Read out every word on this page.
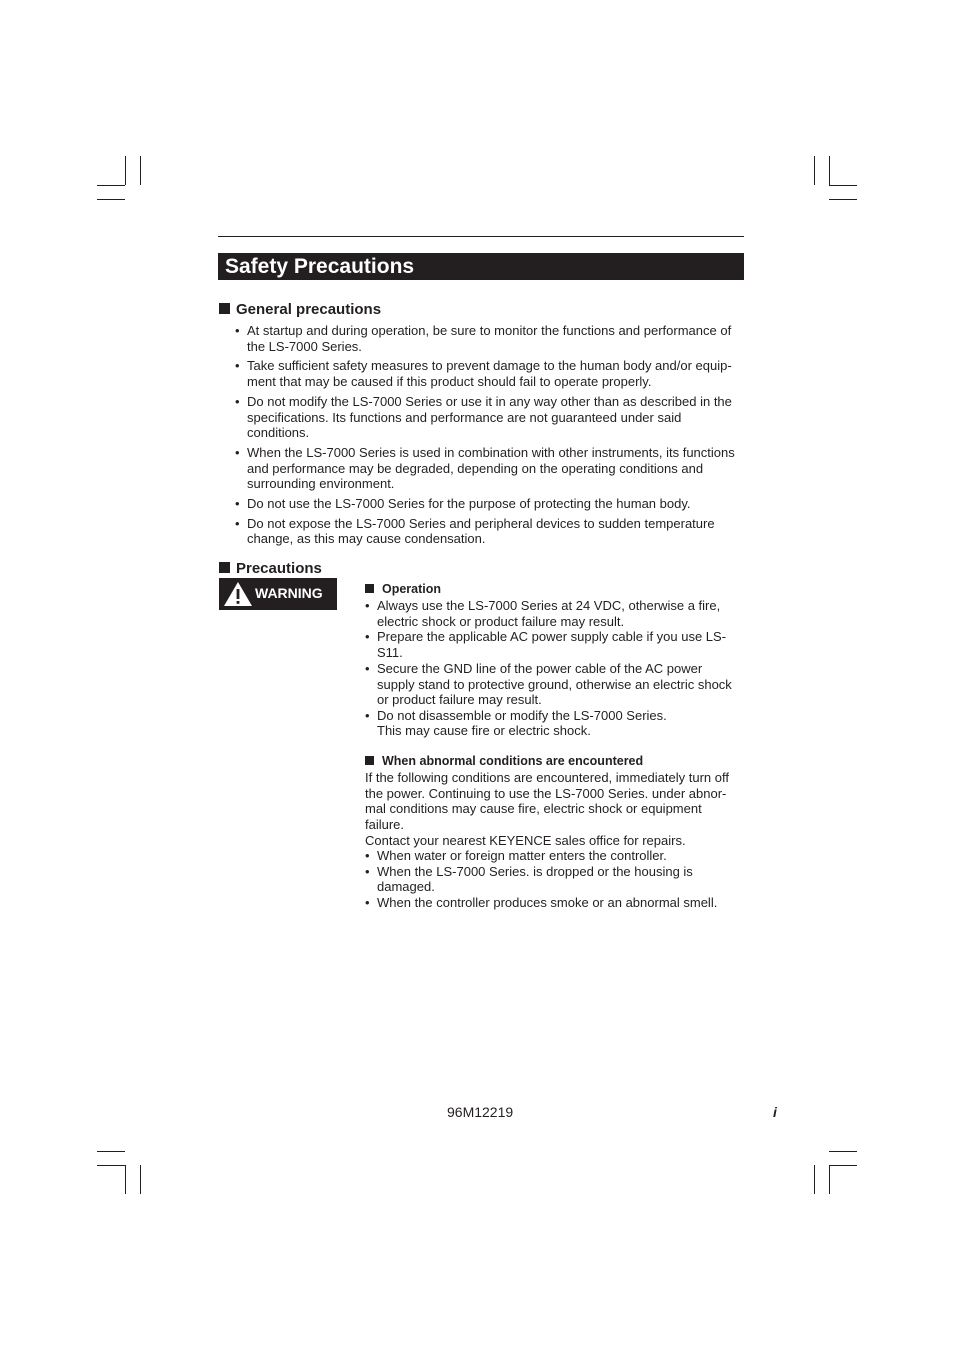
Safety Precautions
General precautions
• At startup and during operation, be sure to monitor the functions and performance of the LS-7000 Series.
• Take sufficient safety measures to prevent damage to the human body and/or equip-ment that may be caused if this product should fail to operate properly.
• Do not modify the LS-7000 Series or use it in any way other than as described in the specifications. Its functions and performance are not guaranteed under said conditions.
• When the LS-7000 Series is used in combination with other instruments, its functions and performance may be degraded, depending on the operating conditions and surrounding environment.
• Do not use the LS-7000 Series for the purpose of protecting the human body.
• Do not expose the LS-7000 Series and peripheral devices to sudden temperature change, as this may cause condensation.
Precautions
WARNING	Operation
• Always use the LS-7000 Series at 24 VDC, otherwise a fire, electric shock or product failure may result.
• Prepare the applicable AC power supply cable if you use LS-S11.
• Secure the GND line of the power cable of the AC power supply stand to protective ground, otherwise an electric shock or product failure may result.
• Do not disassemble or modify the LS-7000 Series.

This may cause fire or electric shock.

When abnormal conditions are encountered

If the following conditions are encountered, immediately turn off the power. Continuing to use the LS-7000 Series. under abnor-mal conditions may cause fire, electric shock or equipment failure.

Contact your nearest KEYENCE sales office for repairs.

• When water or foreign matter enters the controller.
• When the LS-7000 Series. is dropped or the housing is damaged.
• When the controller produces smoke or an abnormal smell.
96M12219	i
